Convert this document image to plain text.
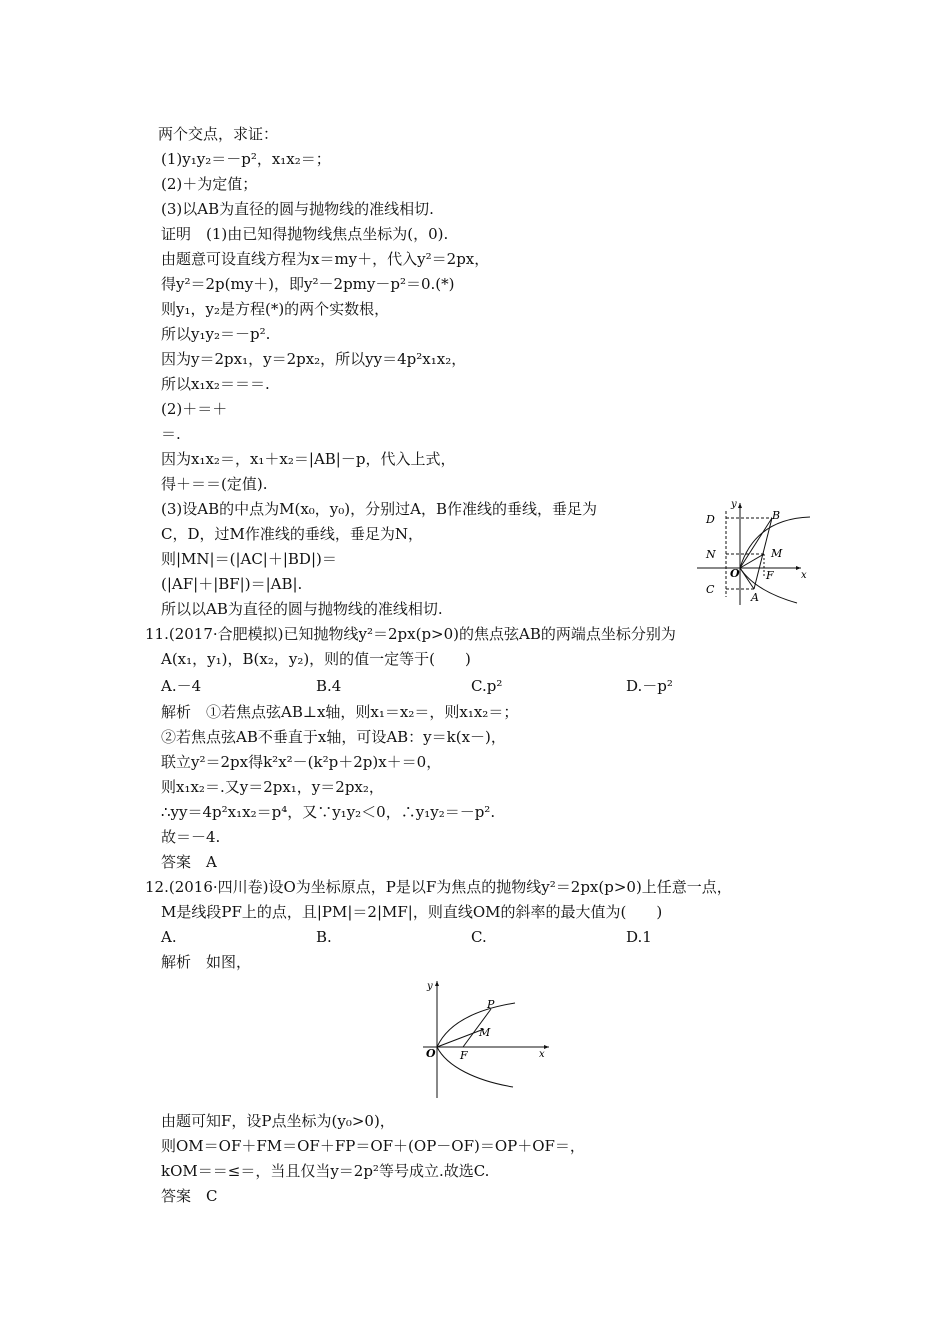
两个交点，求证：
(1)y₁y₂＝－p²，x₁x₂＝；
(2)＋为定值；
(3)以AB为直径的圆与抛物线的准线相切.
证明　(1)由已知得抛物线焦点坐标为(，0).
由题意可设直线方程为x＝my＋，代入y²＝2px，
得y²＝2p(my＋)，即y²－2pmy－p²＝0.(*)
则y₁，y₂是方程(*)的两个实数根，
所以y₁y₂＝－p².
因为y＝2px₁，y＝2px₂，所以yy＝4p²x₁x₂，
所以x₁x₂＝＝＝.
(2)＋＝＋
＝.
因为x₁x₂＝，x₁＋x₂＝|AB|－p，代入上式，
得＋＝＝(定值).
(3)设AB的中点为M(x₀，y₀)，分别过A，B作准线的垂线，垂足为
C，D，过M作准线的垂线，垂足为N，
则|MN|＝(|AC|＋|BD|)＝
(|AF|＋|BF|)＝|AB|.
所以以AB为直径的圆与抛物线的准线相切.
y
x
O
D
N
C
B
M
F
A
11.(2017·合肥模拟)已知抛物线y²＝2px(p>0)的焦点弦AB的两端点坐标分别为
A(x₁，y₁)，B(x₂，y₂)，则的值一定等于(　　)
A.－4	B.4	C.p²	D.－p²
解析　①若焦点弦AB⊥x轴，则x₁＝x₂＝，则x₁x₂＝；
②若焦点弦AB不垂直于x轴，可设AB：y＝k(x－)，
联立y²＝2px得k²x²－(k²p＋2p)x＋＝0，
则x₁x₂＝.又y＝2px₁，y＝2px₂，
∴yy＝4p²x₁x₂＝p⁴，又∵y₁y₂＜0，∴y₁y₂＝－p².
故＝－4.
答案　A
12.(2016·四川卷)设O为坐标原点，P是以F为焦点的抛物线y²＝2px(p>0)上任意一点，
M是线段PF上的点，且|PM|＝2|MF|，则直线OM的斜率的最大值为(　　)
A.	B.	C.	D.1
解析　如图，
y
x
O
P
M
F
由题可知F，设P点坐标为(y₀>0)，
则OM＝OF＋FM＝OF＋FP＝OF＋(OP－OF)＝OP＋OF＝，
kOM＝＝≤＝，当且仅当y＝2p²等号成立.故选C.
答案　C
